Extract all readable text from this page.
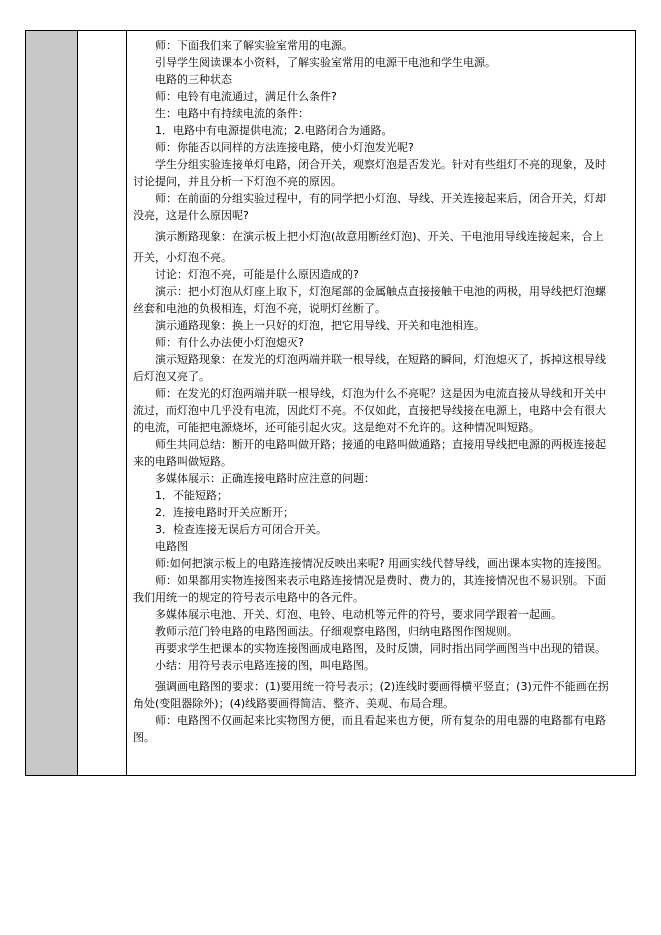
师：下面我们来了解实验室常用的电源。
引导学生阅读课本小资料，了解实验室常用的电源干电池和学生电源。
电路的三种状态
师：电铃有电流通过，满足什么条件?
生：电路中有持续电流的条件：
1．电路中有电源提供电流；2.电路闭合为通路。
师：你能否以同样的方法连接电路，使小灯泡发光呢?
学生分组实验连接单灯电路，闭合开关，观察灯泡是否发光。针对有些组灯不亮的现象，及时
讨论提问，并且分析一下灯泡不亮的原因。
师：在前面的分组实验过程中，有的同学把小灯泡、导线、开关连接起来后，闭合开关，灯却
没亮，这是什么原因呢?
演示断路现象：在演示板上把小灯泡(故意用断丝灯泡)、开关、干电池用导线连接起来，合上
开关，小灯泡不亮。
讨论：灯泡不亮，可能是什么原因造成的?
演示：把小灯泡从灯座上取下，灯泡尾部的金属触点直接接触干电池的两极，用导线把灯泡螺
丝套和电池的负极相连，灯泡不亮，说明灯丝断了。
演示通路现象：换上一只好的灯泡，把它用导线、开关和电池相连。
师：有什么办法使小灯泡熄灭?
演示短路现象：在发光的灯泡两端并联一根导线，在短路的瞬间，灯泡熄灭了，拆掉这根导线
后灯泡又亮了。
师：在发光的灯泡两端并联一根导线，灯泡为什么不亮呢？这是因为电流直接从导线和开关中
流过，而灯泡中几乎没有电流，因此灯不亮。不仅如此，直接把导线接在电源上，电路中会有很大
的电流，可能把电源烧坏，还可能引起火灾。这是绝对不允许的。这种情况叫短路。
师生共同总结：断开的电路叫做开路；接通的电路叫做通路；直接用导线把电源的两极连接起
来的电路叫做短路。
多媒体展示：正确连接电路时应注意的问题：
1．不能短路；
2．连接电路时开关应断开；
3．检查连接无误后方可闭合开关。
电路图
师:如何把演示板上的电路连接情况反映出来呢? 用画实线代替导线，画出课本实物的连接图。
师：如果都用实物连接图来表示电路连接情况是费时、费力的，其连接情况也不易识别。下面
我们用统一的规定的符号表示电路中的各元件。
多媒体展示电池、开关、灯泡、电铃、电动机等元件的符号，要求同学跟着一起画。
教师示范门铃电路的电路图画法。仔细观察电路图，归纳电路图作图规则。
再要求学生把课本的实物连接图画成电路图，及时反馈，同时指出同学画图当中出现的错误。
小结：用符号表示电路连接的图，叫电路图。
强调画电路图的要求：(1)要用统一符号表示；(2)连线时要画得横平竖直；(3)元件不能画在拐
角处(变阻器除外)；(4)线路要画得简洁、整齐、美观、布局合理。
师：电路图不仅画起来比实物图方便，而且看起来也方便，所有复杂的用电器的电路都有电路
图。
